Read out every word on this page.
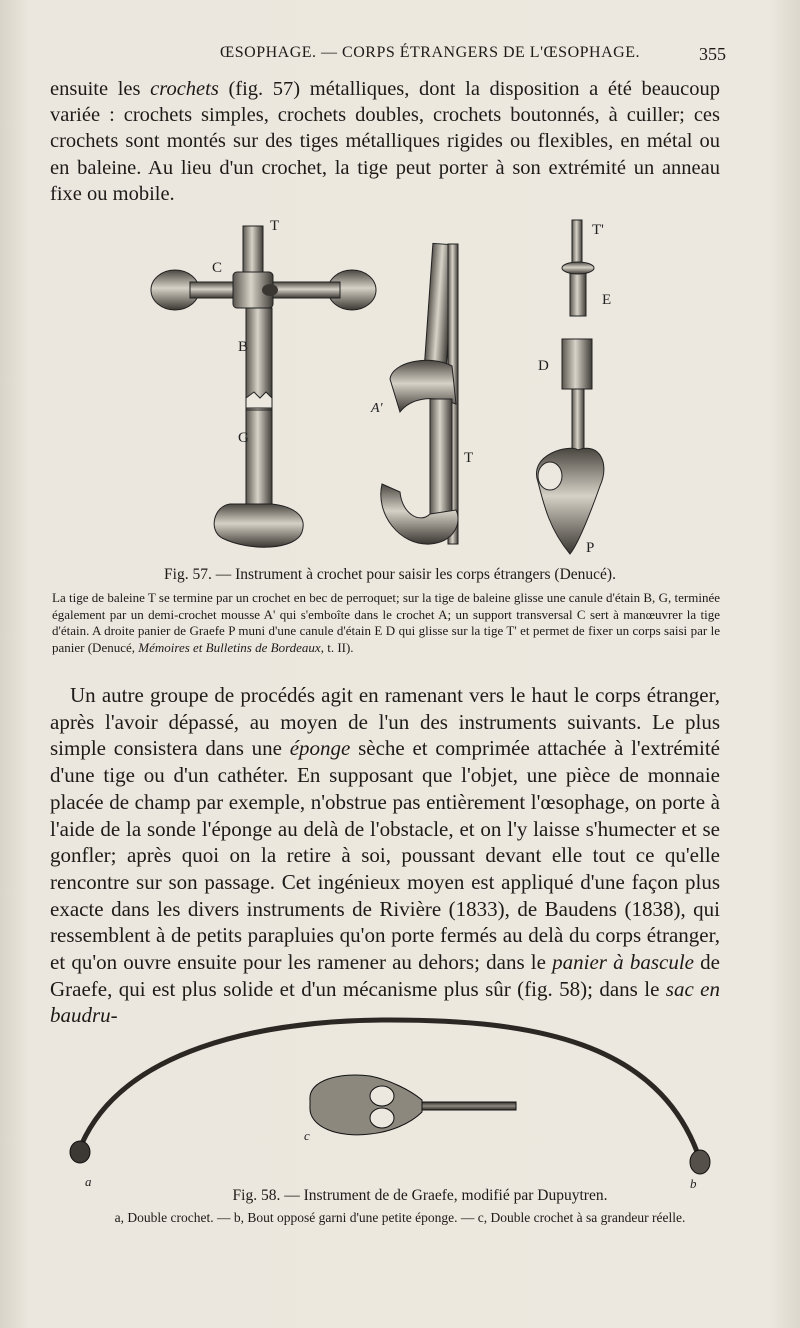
ŒSOPHAGE. — CORPS ÉTRANGERS DE L'ŒSOPHAGE.	355

ensuite les crochets (fig. 57) métalliques, dont la disposition a été beaucoup variée : crochets simples, crochets doubles, crochets boutonnés, à cuiller; ces crochets sont montés sur des tiges métalliques rigides ou flexibles, en métal ou en baleine. Au lieu d'un crochet, la tige peut porter à son extrémité un anneau fixe ou mobile.

T
C
B
G
A'
T
T'
E
D
P
Fig. 57. — Instrument à crochet pour saisir les corps étrangers (Denucé).
La tige de baleine T se termine par un crochet en bec de perroquet; sur la tige de baleine glisse une canule d'étain B, G, terminée également par un demi-crochet mousse A' qui s'emboîte dans le crochet A; un support transversal C sert à manœuvrer la tige d'étain. A droite panier de Graefe P muni d'une canule d'étain E D qui glisse sur la tige T' et permet de fixer un corps saisi par le panier (Denucé, Mémoires et Bulletins de Bordeaux, t. II).

Un autre groupe de procédés agit en ramenant vers le haut le corps étranger, après l'avoir dépassé, au moyen de l'un des instruments suivants. Le plus simple consistera dans une éponge sèche et comprimée attachée à l'extrémité d'une tige ou d'un cathéter. En supposant que l'objet, une pièce de monnaie placée de champ par exemple, n'obstrue pas entièrement l'œsophage, on porte à l'aide de la sonde l'éponge au delà de l'obstacle, et on l'y laisse s'humecter et se gonfler; après quoi on la retire à soi, poussant devant elle tout ce qu'elle rencontre sur son passage. Cet ingénieux moyen est appliqué d'une façon plus exacte dans les divers instruments de Rivière (1833), de Baudens (1838), qui ressemblent à de petits parapluies qu'on porte fermés au delà du corps étranger, et qu'on ouvre ensuite pour les ramener au dehors; dans le panier à bascule de Graefe, qui est plus solide et d'un mécanisme plus sûr (fig. 58); dans le sac en baudru-

a	b
c
Fig. 58. — Instrument de de Graefe, modifié par Dupuytren.
a, Double crochet. — b, Bout opposé garni d'une petite éponge. — c, Double crochet à sa grandeur réelle.
